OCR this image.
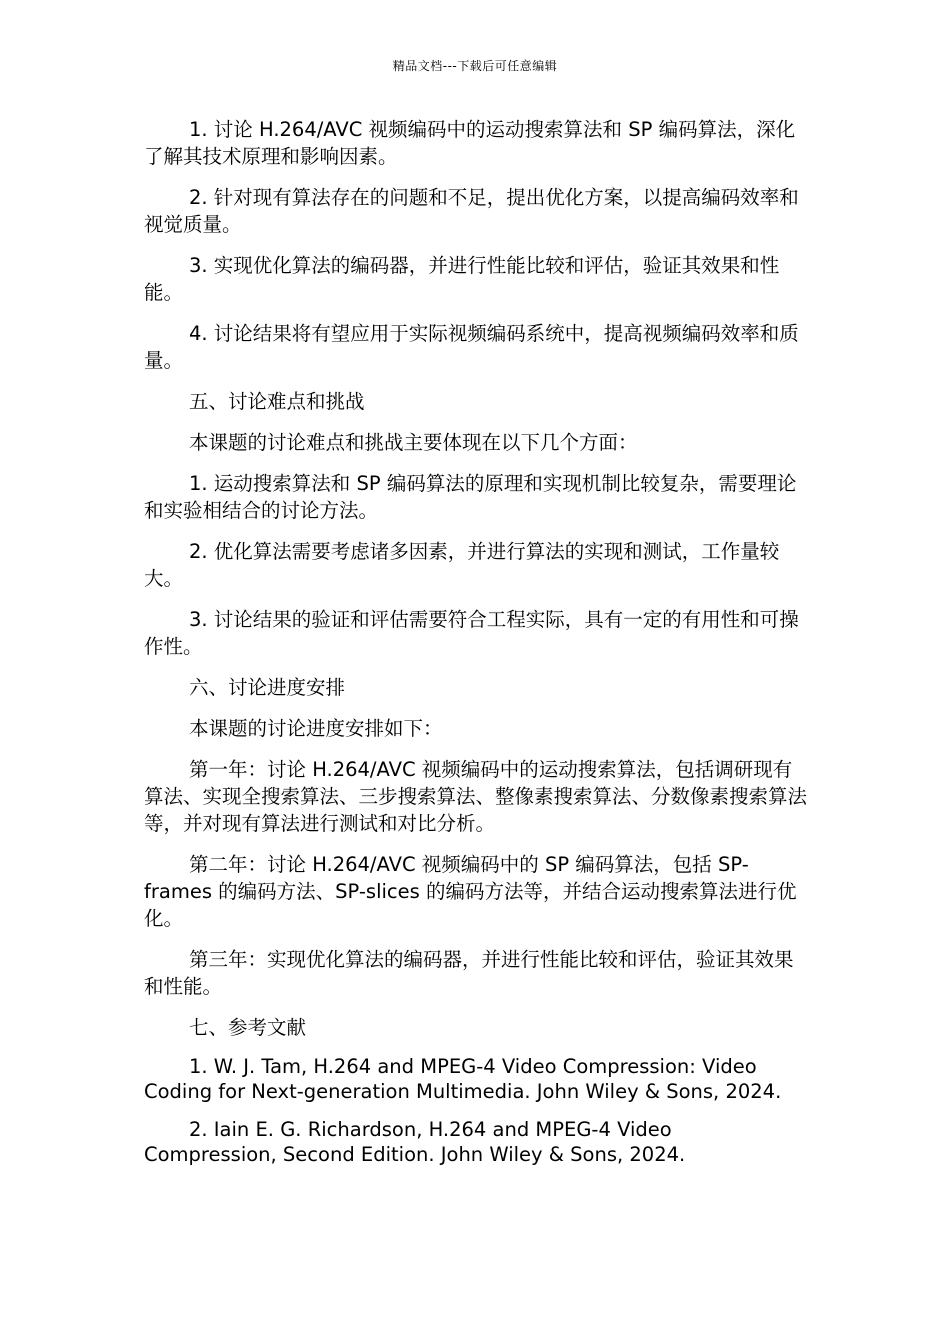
精品文档---下载后可任意编辑

1. 讨论 H.264/AVC 视频编码中的运动搜索算法和 SP 编码算法，深化了解其技术原理和影响因素。

2. 针对现有算法存在的问题和不足，提出优化方案，以提高编码效率和视觉质量。

3. 实现优化算法的编码器，并进行性能比较和评估，验证其效果和性能。

4. 讨论结果将有望应用于实际视频编码系统中，提高视频编码效率和质量。

五、讨论难点和挑战

本课题的讨论难点和挑战主要体现在以下几个方面：

1. 运动搜索算法和 SP 编码算法的原理和实现机制比较复杂，需要理论和实验相结合的讨论方法。

2. 优化算法需要考虑诸多因素，并进行算法的实现和测试，工作量较大。

3. 讨论结果的验证和评估需要符合工程实际，具有一定的有用性和可操作性。

六、讨论进度安排

本课题的讨论进度安排如下：

第一年：讨论 H.264/AVC 视频编码中的运动搜索算法，包括调研现有算法、实现全搜索算法、三步搜索算法、整像素搜索算法、分数像素搜索算法等，并对现有算法进行测试和对比分析。

第二年：讨论 H.264/AVC 视频编码中的 SP 编码算法，包括 SP-frames 的编码方法、SP-slices 的编码方法等，并结合运动搜索算法进行优化。

第三年：实现优化算法的编码器，并进行性能比较和评估，验证其效果和性能。

七、参考文献

1. W. J. Tam, H.264 and MPEG-4 Video Compression: Video Coding for Next-generation Multimedia. John Wiley & Sons, 2024.

2. Iain E. G. Richardson, H.264 and MPEG-4 Video Compression, Second Edition. John Wiley & Sons, 2024.
